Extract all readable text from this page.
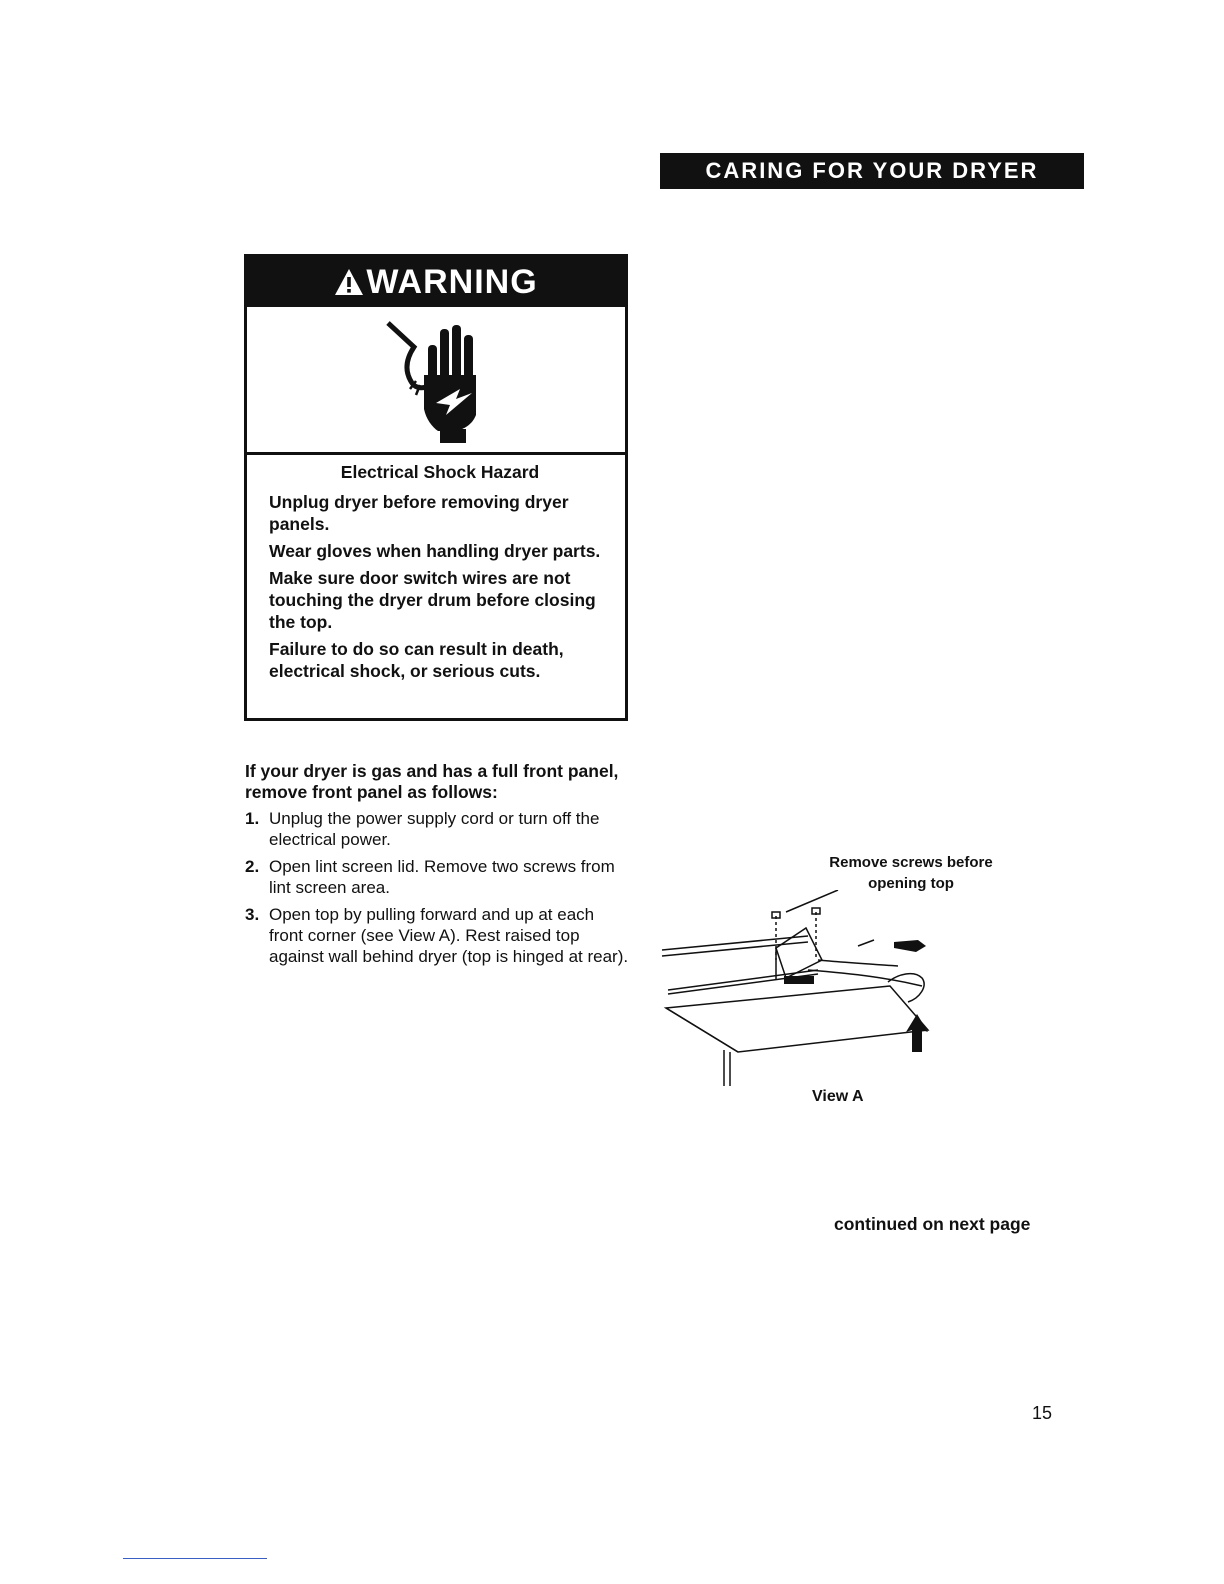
CARING FOR YOUR DRYER
WARNING
Electrical Shock Hazard

Unplug dryer before removing dryer panels.

Wear gloves when handling dryer parts.

Make sure door switch wires are not touching the dryer drum before closing the top.

Failure to do so can result in death, electrical shock, or serious cuts.

If your dryer is gas and has a full front panel, remove front panel as follows:
1. Unplug the power supply cord or turn off the electrical power.
2. Open lint screen lid. Remove two screws from lint screen area.
3. Open top by pulling forward and up at each front corner (see View A). Rest raised top against wall behind dryer (top is hinged at rear).
Remove screws before opening top
View A
continued on next page
15
